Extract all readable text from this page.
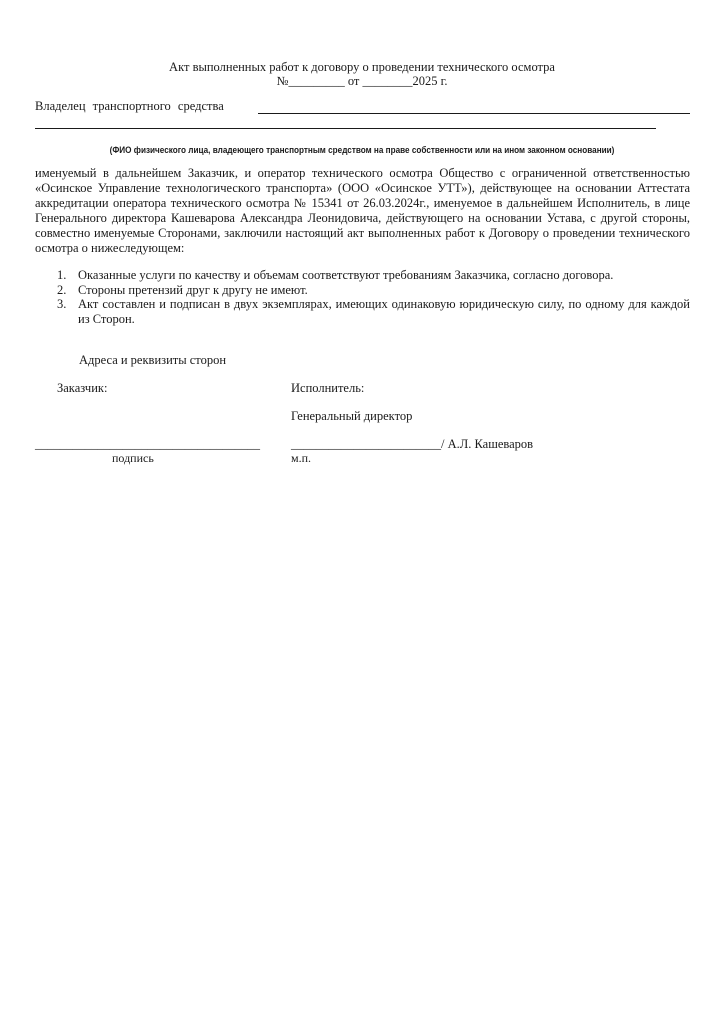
Акт выполненных работ к договору о проведении технического осмотра
№_________ от ________2025 г.
Владелец транспортного средства
(ФИО физического лица, владеющего транспортным средством на праве собственности или на ином законном основании)
именуемый в дальнейшем Заказчик, и оператор технического осмотра Общество с ограниченной ответственностью «Осинское Управление технологического транспорта» (ООО «Осинское УТТ»), действующее на основании Аттестата аккредитации оператора технического осмотра № 15341 от 26.03.2024г., именуемое в дальнейшем Исполнитель, в лице Генерального директора Кашеварова Александра Леонидовича, действующего на основании Устава, с другой стороны, совместно именуемые Сторонами, заключили настоящий акт выполненных работ к Договору о проведении технического осмотра о нижеследующем:
1. Оказанные услуги по качеству и объемам соответствуют требованиям Заказчика, согласно договора.
2. Стороны претензий друг к другу не имеют.
3. Акт составлен и подписан в двух экземплярах, имеющих одинаковую юридическую силу, по одному для каждой из Сторон.
Адреса и реквизиты сторон
Заказчик:	Исполнитель:
Генеральный директор
____________________________________ ________________________/ А.Л. Кашеваров
подпись	м.п.
